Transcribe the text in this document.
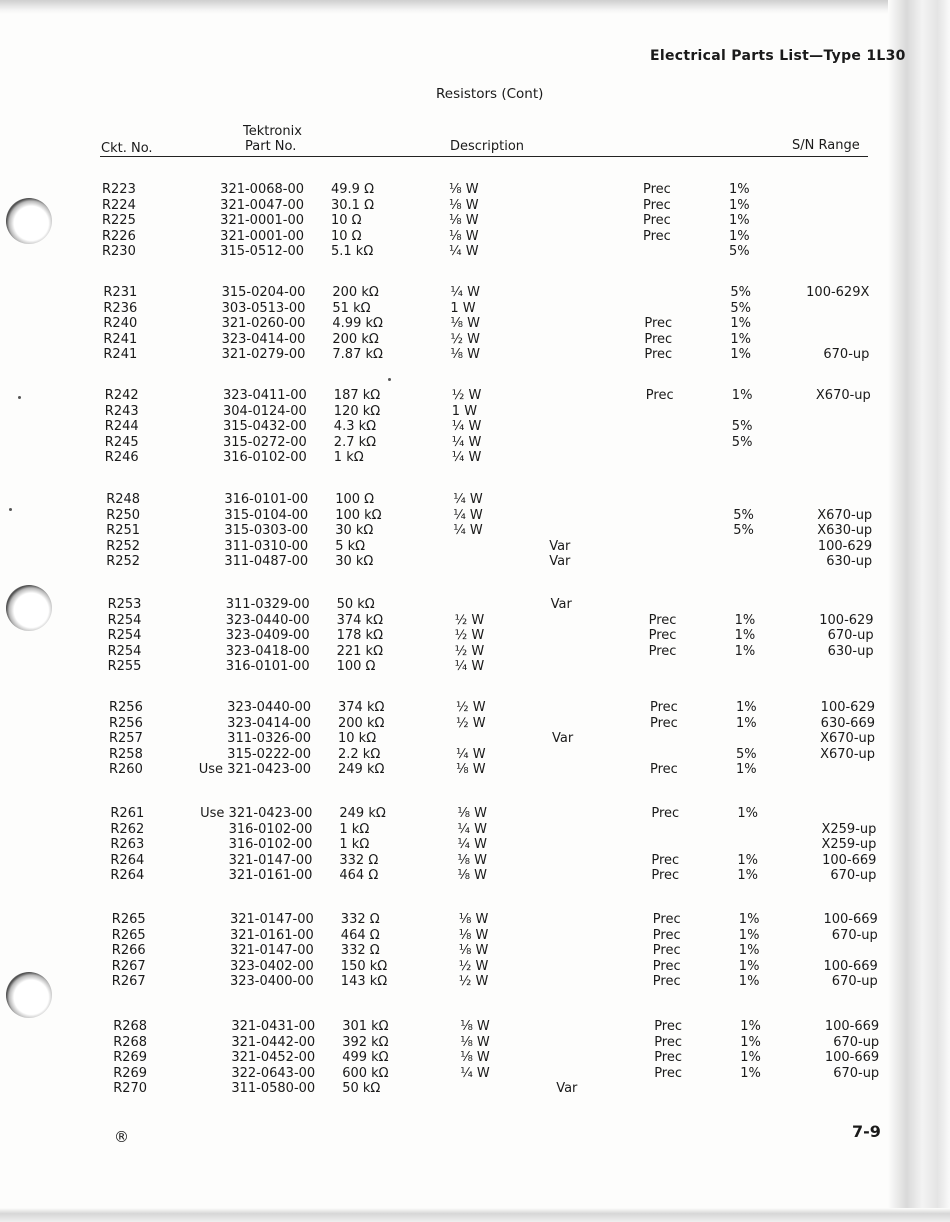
Electrical Parts List—Type 1L30
Resistors (Cont)
Tektronix
Ckt. No.	Part No.	Description	S/N Range
R223	321-0068-00 49.9 Ω	⅛ W	Prec	1%
R224	321-0047-00 30.1 Ω	⅛ W	Prec	1%
R225	321-0001-00 10 Ω	⅛ W	Prec	1%
R226	321-0001-00 10 Ω	⅛ W	Prec	1%
R230	315-0512-00 5.1 kΩ	¼ W	5%
R231	315-0204-00 200 kΩ	¼ W	5%	100-629X
R236	303-0513-00 51 kΩ	1 W	5%
R240	321-0260-00 4.99 kΩ	⅛ W	Prec	1%
R241	323-0414-00 200 kΩ	½ W	Prec	1%
R241	321-0279-00 7.87 kΩ	⅛ W	Prec	1%	670-up
R242	323-0411-00 187 kΩ	½ W	Prec	1%	X670-up
R243	304-0124-00 120 kΩ	1 W
R244	315-0432-00 4.3 kΩ	¼ W	5%
R245	315-0272-00 2.7 kΩ	¼ W	5%
R246	316-0102-00 1 kΩ	¼ W
R248	316-0101-00 100 Ω	¼ W
R250	315-0104-00 100 kΩ	¼ W	5%	X670-up
R251	315-0303-00 30 kΩ	¼ W	5%	X630-up
R252	311-0310-00 5 kΩ	Var	100-629
R252	311-0487-00 30 kΩ	Var	630-up
R253	311-0329-00 50 kΩ	Var
R254	323-0440-00 374 kΩ	½ W	Prec	1%	100-629
R254	323-0409-00 178 kΩ	½ W	Prec	1%	670-up
R254	323-0418-00 221 kΩ	½ W	Prec	1%	630-up
R255	316-0101-00 100 Ω	¼ W
R256	323-0440-00 374 kΩ	½ W	Prec	1%	100-629
R256	323-0414-00 200 kΩ	½ W	Prec	1%	630-669
R257	311-0326-00 10 kΩ	Var	X670-up
R258	315-0222-00 2.2 kΩ	¼ W	5%	X670-up
R260	Use 321-0423-00 249 kΩ	⅛ W	Prec	1%
R261	Use 321-0423-00 249 kΩ	⅛ W	Prec	1%
R262	316-0102-00 1 kΩ	¼ W	X259-up
R263	316-0102-00 1 kΩ	¼ W	X259-up
R264	321-0147-00 332 Ω	⅛ W	Prec	1%	100-669
R264	321-0161-00 464 Ω	⅛ W	Prec	1%	670-up
R265	321-0147-00 332 Ω	⅛ W	Prec	1%	100-669
R265	321-0161-00 464 Ω	⅛ W	Prec	1%	670-up
R266	321-0147-00 332 Ω	⅛ W	Prec	1%
R267	323-0402-00 150 kΩ	½ W	Prec	1%	100-669
R267	323-0400-00 143 kΩ	½ W	Prec	1%	670-up
R268	321-0431-00 301 kΩ	⅛ W	Prec	1%	100-669
R268	321-0442-00 392 kΩ	⅛ W	Prec	1%	670-up
R269	321-0452-00 499 kΩ	⅛ W	Prec	1%	100-669
R269	322-0643-00 600 kΩ	¼ W	Prec	1%	670-up
R270	311-0580-00 50 kΩ	Var
®	7-9
